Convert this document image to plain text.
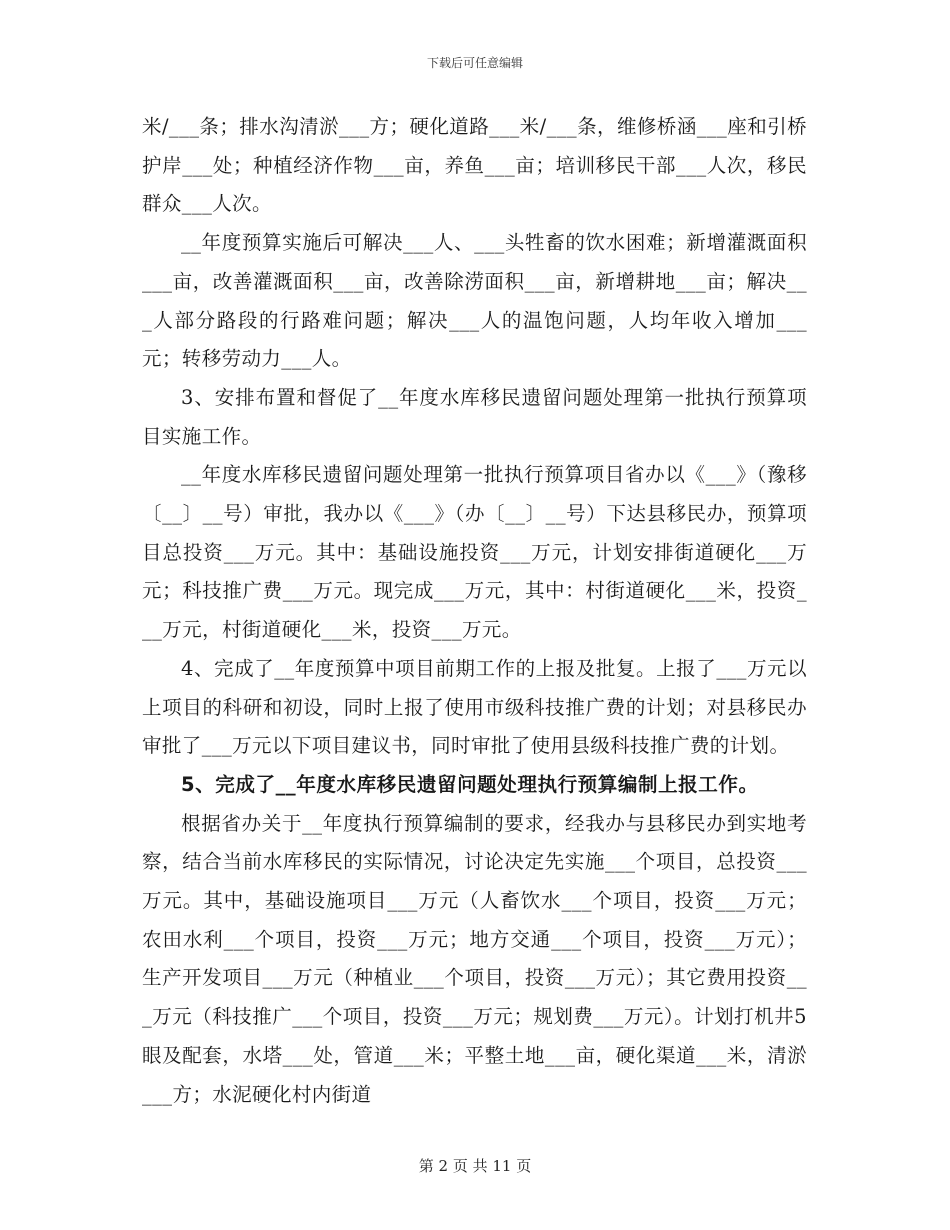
下载后可任意编辑

米/___条；排水沟清淤___方；硬化道路___米/___条，维修桥涵___座和引桥护岸___处；种植经济作物___亩，养鱼___亩；培训移民干部___人次，移民群众___人次。

__年度预算实施后可解决___人、___头牲畜的饮水困难；新增灌溉面积___亩，改善灌溉面积___亩，改善除涝面积___亩，新增耕地___亩；解决___人部分路段的行路难问题；解决___人的温饱问题，人均年收入增加___元；转移劳动力___人。

3、安排布置和督促了__年度水库移民遗留问题处理第一批执行预算项目实施工作。

__年度水库移民遗留问题处理第一批执行预算项目省办以《___》（豫移〔__〕__号）审批，我办以《___》（办〔__〕__号）下达县移民办，预算项目总投资___万元。其中：基础设施投资___万元，计划安排街道硬化___万元；科技推广费___万元。现完成___万元，其中：村街道硬化___米，投资___万元，村街道硬化___米，投资___万元。

4、完成了__年度预算中项目前期工作的上报及批复。上报了___万元以上项目的科研和初设，同时上报了使用市级科技推广费的计划；对县移民办审批了___万元以下项目建议书，同时审批了使用县级科技推广费的计划。

5、完成了__年度水库移民遗留问题处理执行预算编制上报工作。

根据省办关于__年度执行预算编制的要求，经我办与县移民办到实地考察，结合当前水库移民的实际情况，讨论决定先实施___个项目，总投资___万元。其中，基础设施项目___万元（人畜饮水___个项目，投资___万元；农田水利___个项目，投资___万元；地方交通___个项目，投资___万元）；生产开发项目___万元（种植业___个项目，投资___万元）；其它费用投资___万元（科技推广___个项目，投资___万元；规划费___万元）。计划打机井5眼及配套，水塔___处，管道___米；平整土地___亩，硬化渠道___米，清淤___方；水泥硬化村内街道

第 2 页 共 11 页
